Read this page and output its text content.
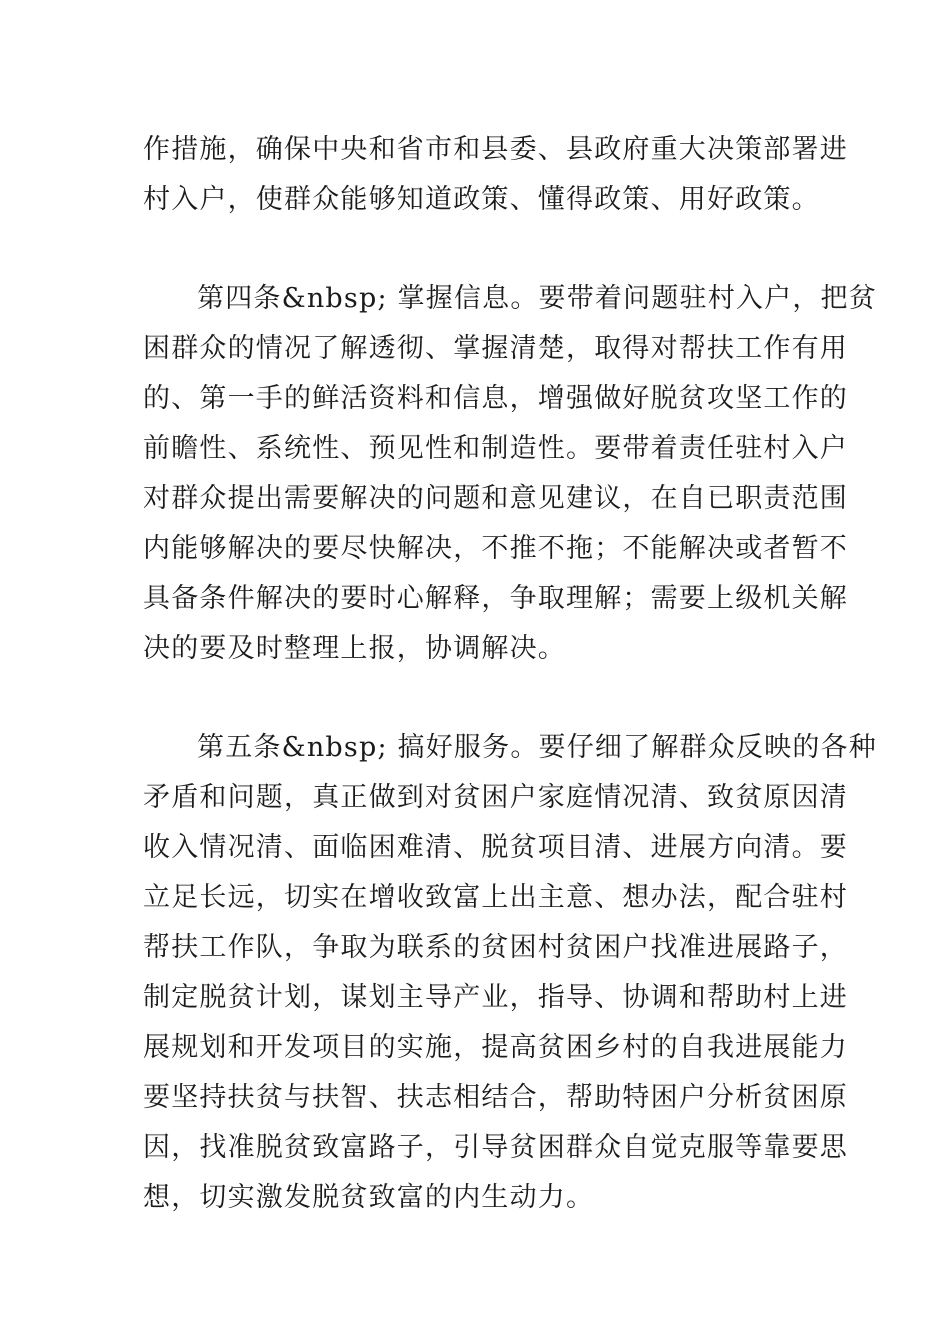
作措施，确保中央和省市和县委、县政府重大决策部署进
村入户，使群众能够知道政策、懂得政策、用好政策。
第四条&nbsp; 掌握信息。要带着问题驻村入户，把贫
困群众的情况了解透彻、掌握清楚，取得对帮扶工作有用
的、第一手的鲜活资料和信息，增强做好脱贫攻坚工作的
前瞻性、系统性、预见性和制造性。要带着责任驻村入户
对群众提出需要解决的问题和意见建议，在自已职责范围
内能够解决的要尽快解决，不推不拖；不能解决或者暂不
具备条件解决的要时心解释，争取理解；需要上级机关解
决的要及时整理上报，协调解决。
第五条&nbsp; 搞好服务。要仔细了解群众反映的各种
矛盾和问题，真正做到对贫困户家庭情况清、致贫原因清
收入情况清、面临困难清、脱贫项目清、进展方向清。要
立足长远，切实在增收致富上出主意、想办法，配合驻村
帮扶工作队，争取为联系的贫困村贫困户找准进展路子，
制定脱贫计划，谋划主导产业，指导、协调和帮助村上进
展规划和开发项目的实施，提高贫困乡村的自我进展能力
要坚持扶贫与扶智、扶志相结合，帮助特困户分析贫困原
因，找准脱贫致富路子，引导贫困群众自觉克服等靠要思
想，切实激发脱贫致富的内生动力。
